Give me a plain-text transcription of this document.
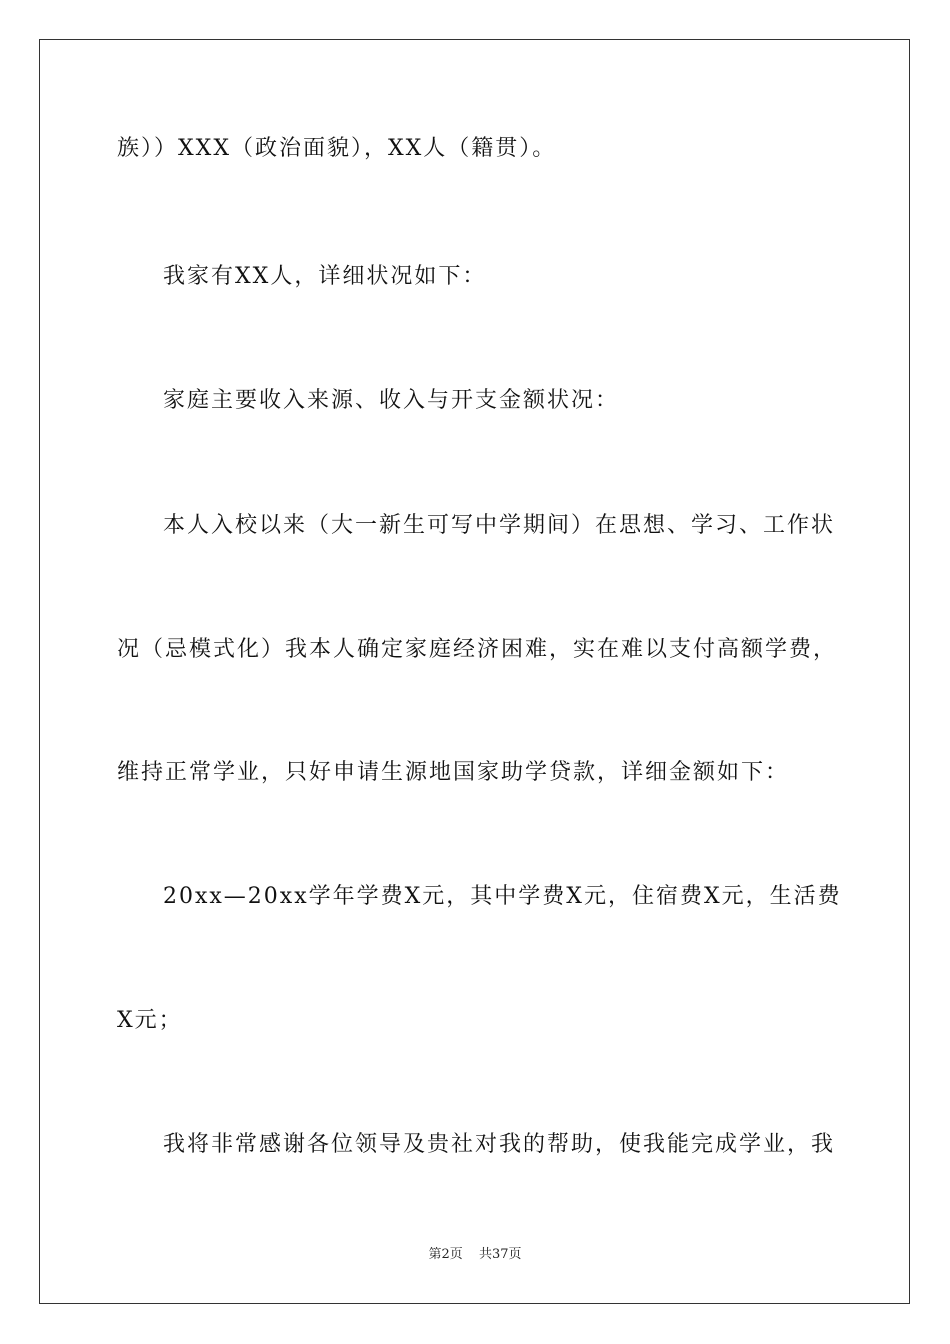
族））XXX（政治面貌），XX人（籍贯）。
我家有XX人，详细状况如下：
家庭主要收入来源、收入与开支金额状况：
本人入校以来（大一新生可写中学期间）在思想、学习、工作状
况（忌模式化）我本人确定家庭经济困难，实在难以支付高额学费，
维持正常学业，只好申请生源地国家助学贷款，详细金额如下：
20xx—20xx学年学费X元，其中学费X元，住宿费X元，生活费
X元；
我将非常感谢各位领导及贵社对我的帮助，使我能完成学业，我
第2页 共37页
